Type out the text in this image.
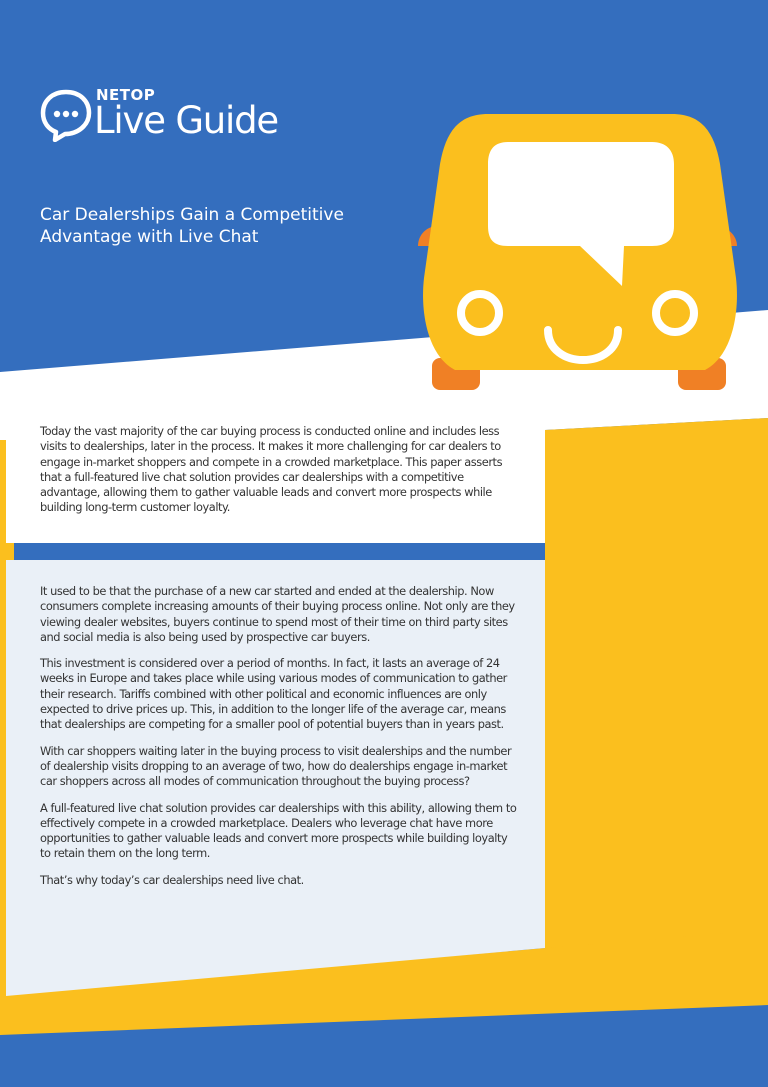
NETOP
Live Guide
Car Dealerships Gain a Competitive Advantage with Live Chat

Today the vast majority of the car buying process is conducted online and includes less visits to dealerships, later in the process. It makes it more challenging for car dealers to engage in-market shoppers and compete in a crowded marketplace. This paper asserts that a full-featured live chat solution provides car dealerships with a competitive advantage, allowing them to gather valuable leads and convert more prospects while building long-term customer loyalty.

It used to be that the purchase of a new car started and ended at the dealership. Now consumers complete increasing amounts of their buying process online. Not only are they viewing dealer websites, buyers continue to spend most of their time on third party sites and social media is also being used by prospective car buyers.

This investment is considered over a period of months. In fact, it lasts an average of 24 weeks in Europe and takes place while using various modes of communication to gather their research. Tariffs combined with other political and economic influences are only expected to drive prices up. This, in addition to the longer life of the average car, means that dealerships are competing for a smaller pool of potential buyers than in years past.

With car shoppers waiting later in the buying process to visit dealerships and the number of dealership visits dropping to an average of two, how do dealerships engage in-market car shoppers across all modes of communication throughout the buying process?

A full-featured live chat solution provides car dealerships with this ability, allowing them to effectively compete in a crowded marketplace. Dealers who leverage chat have more opportunities to gather valuable leads and convert more prospects while building loyalty to retain them on the long term.

That’s why today’s car dealerships need live chat.
